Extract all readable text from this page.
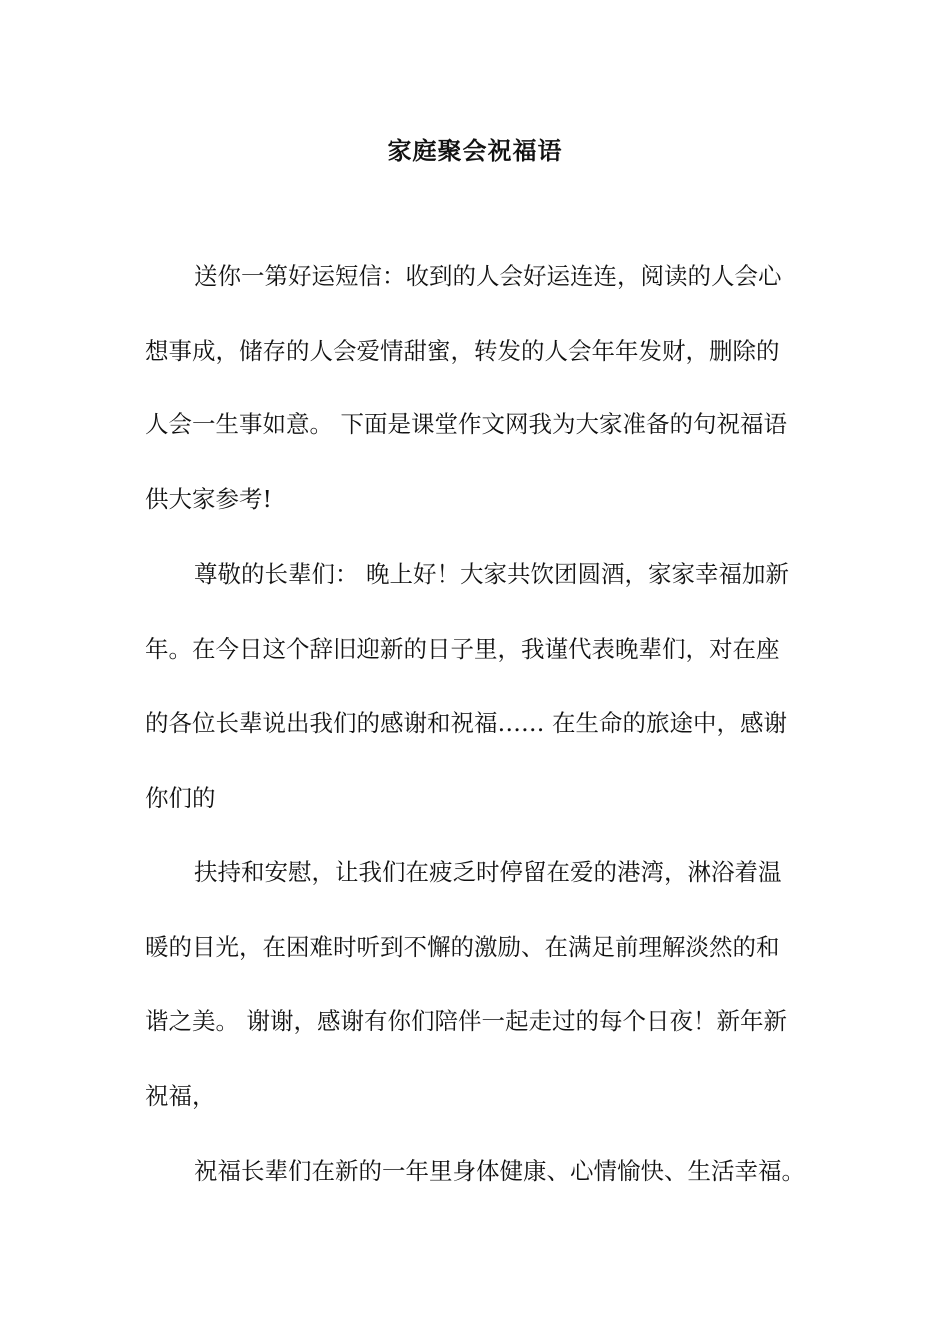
家庭聚会祝福语
送你一第好运短信：收到的人会好运连连，阅读的人会心
想事成，储存的人会爱情甜蜜，转发的人会年年发财，删除的
人会一生事如意。 下面是课堂作文网我为大家准备的句祝福语
供大家参考!
尊敬的长辈们： 晚上好！大家共饮团圆酒，家家幸福加新
年。在今日这个辞旧迎新的日子里，我谨代表晚辈们，对在座
的各位长辈说出我们的感谢和祝福…… 在生命的旅途中，感谢
你们的
扶持和安慰，让我们在疲乏时停留在爱的港湾，淋浴着温
暖的目光，在困难时听到不懈的激励、在满足前理解淡然的和
谐之美。 谢谢，感谢有你们陪伴一起走过的每个日夜！新年新
祝福，
祝福长辈们在新的一年里身体健康、心情愉快、生活幸福。
